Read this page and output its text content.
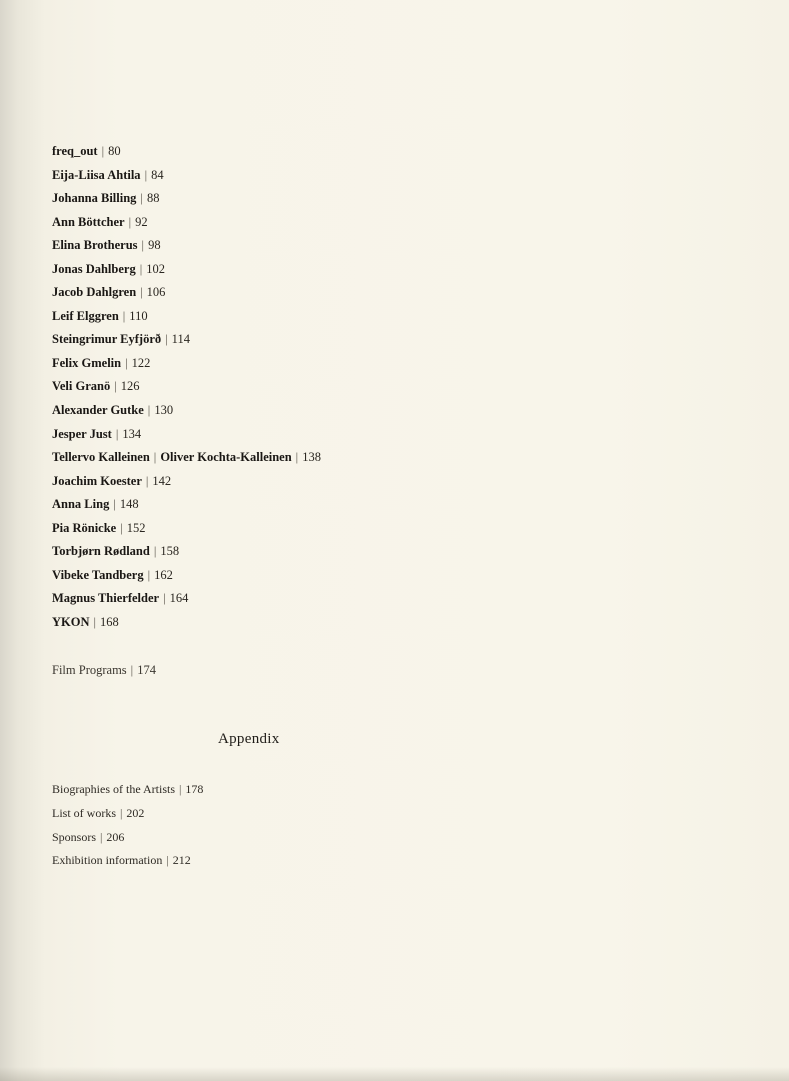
freq_out | 80
Eija-Liisa Ahtila | 84
Johanna Billing | 88
Ann Böttcher | 92
Elina Brotherus | 98
Jonas Dahlberg | 102
Jacob Dahlgren | 106
Leif Elggren | 110
Steingrimur Eyfjörð | 114
Felix Gmelin | 122
Veli Granö | 126
Alexander Gutke | 130
Jesper Just | 134
Tellervo Kalleinen | Oliver Kochta-Kalleinen | 138
Joachim Koester | 142
Anna Ling | 148
Pia Rönicke | 152
Torbjørn Rødland | 158
Vibeke Tandberg | 162
Magnus Thierfelder | 164
YKON | 168
Film Programs | 174
Appendix
Biographies of the Artists | 178
List of works | 202
Sponsors | 206
Exhibition information | 212
